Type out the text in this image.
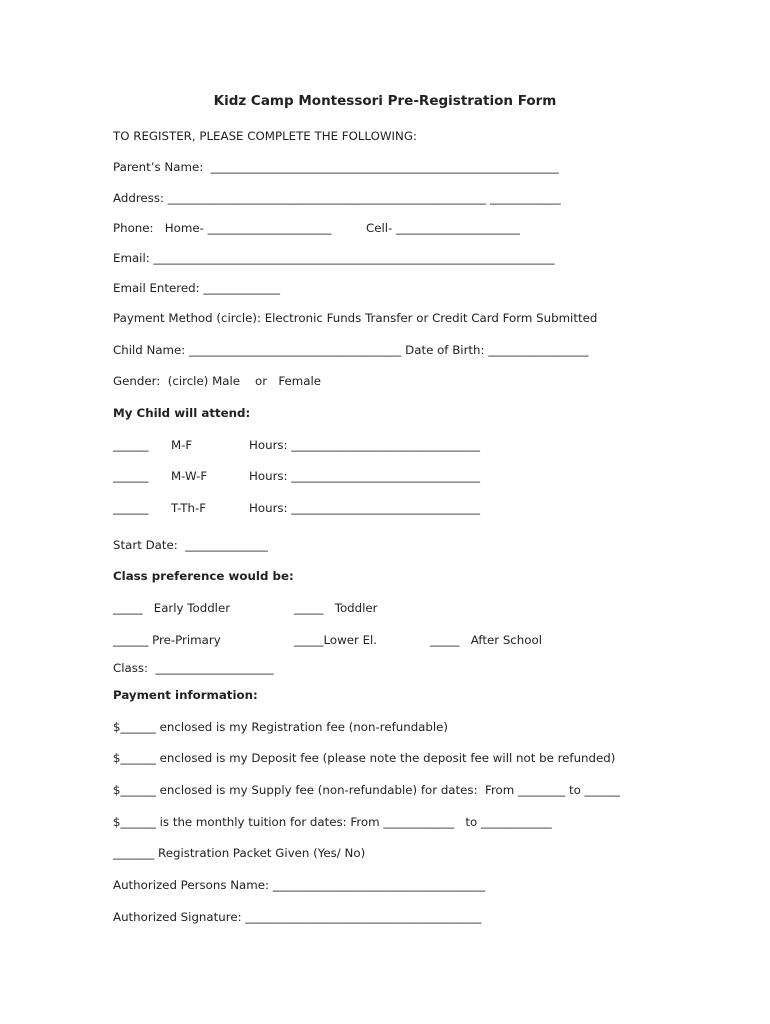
Kidz Camp Montessori Pre-Registration Form

TO REGISTER, PLEASE COMPLETE THE FOLLOWING:

Parent’s Name:  ___________________________________________________________

Address: ______________________________________________________ ____________

Phone:   Home- _____________________	Cell- _____________________

Email: ____________________________________________________________________

Email Entered: _____________

Payment Method (circle): Electronic Funds Transfer or Credit Card Form Submitted

Child Name: ____________________________________ Date of Birth: _________________

Gender:  (circle) Male    or   Female

My Child will attend:

______ M-F	Hours: ________________________________
______ M-W-F	Hours: ________________________________
______ T-Th-F	Hours: ________________________________

Start Date:  ______________

Class preference would be:

_____   Early Toddler	_____   Toddler
______ Pre-Primary	_____Lower El.	_____   After School

Class:  ____________________

Payment information:

$______ enclosed is my Registration fee (non-refundable)

$______ enclosed is my Deposit fee (please note the deposit fee will not be refunded)

$______ enclosed is my Supply fee (non-refundable) for dates:  From ________ to ______

$______ is the monthly tuition for dates: From ____________   to ____________

_______ Registration Packet Given (Yes/ No)

Authorized Persons Name: ____________________________________

Authorized Signature: ________________________________________
